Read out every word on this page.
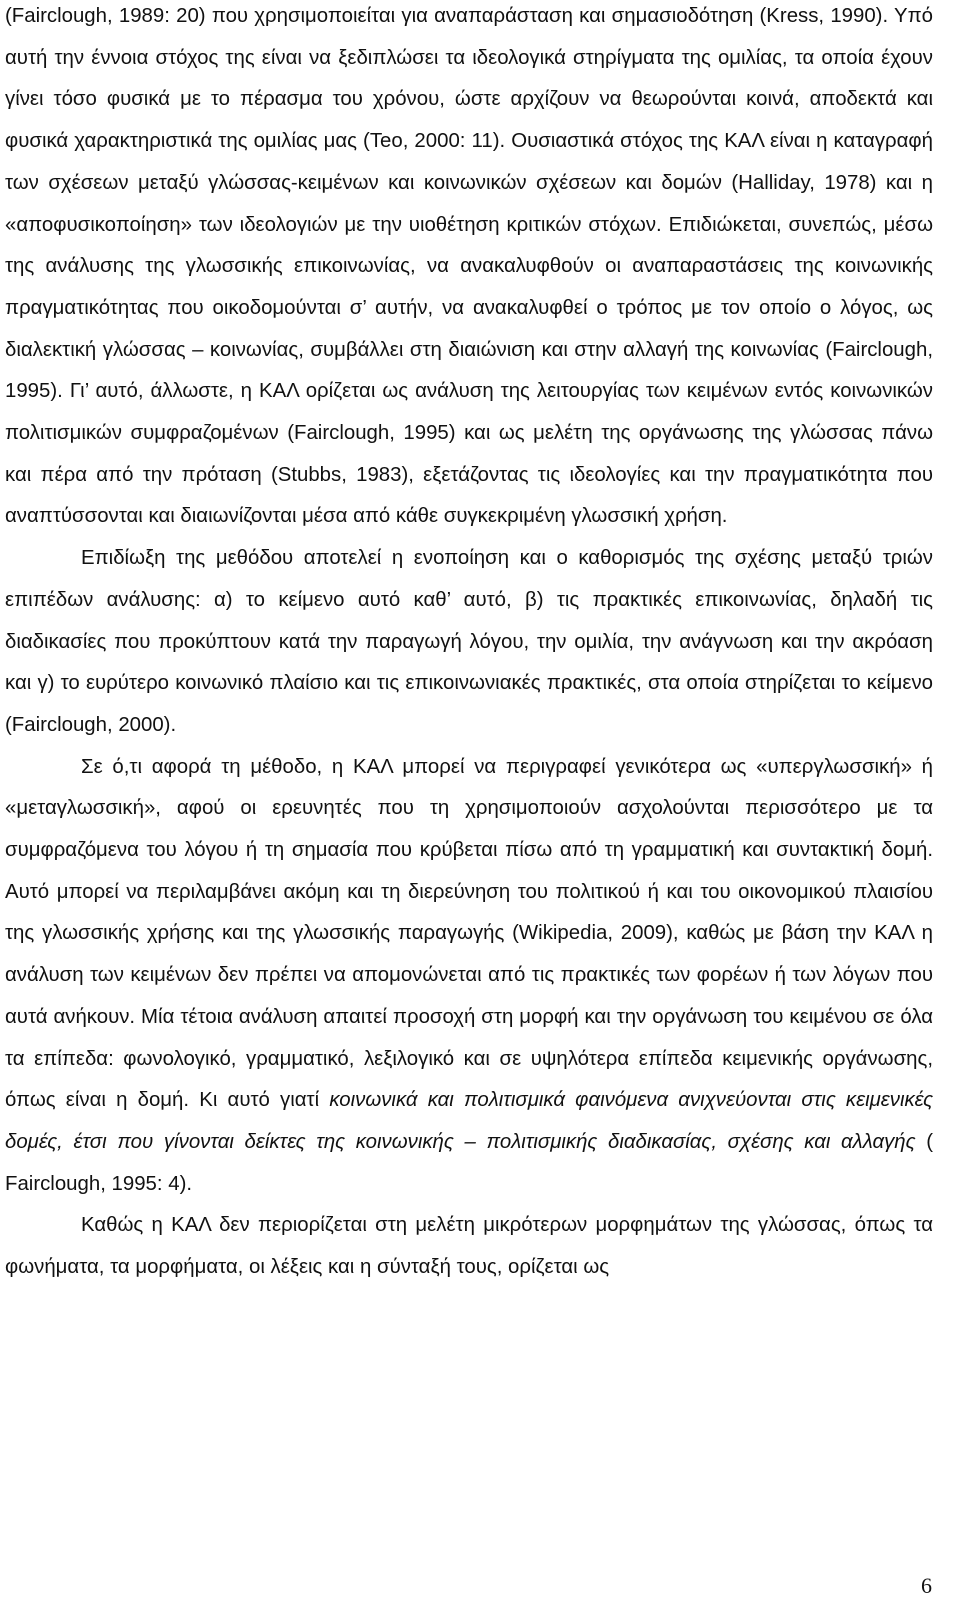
(Fairclough, 1989: 20) που χρησιμοποιείται για αναπαράσταση και σημασιοδότηση (Kress, 1990). Υπό αυτή την έννοια στόχος της είναι να ξεδιπλώσει τα ιδεολογικά στηρίγματα της ομιλίας, τα οποία έχουν γίνει τόσο φυσικά με το πέρασμα του χρόνου, ώστε αρχίζουν να θεωρούνται κοινά, αποδεκτά και φυσικά χαρακτηριστικά της ομιλίας μας (Teo, 2000: 11). Ουσιαστικά στόχος της ΚΑΛ είναι η καταγραφή των σχέσεων μεταξύ γλώσσας-κειμένων και κοινωνικών σχέσεων και δομών (Halliday, 1978) και η «αποφυσικοποίηση» των ιδεολογιών με την υιοθέτηση κριτικών στόχων. Επιδιώκεται, συνεπώς, μέσω της ανάλυσης της γλωσσικής επικοινωνίας, να ανακαλυφθούν οι αναπαραστάσεις της κοινωνικής πραγματικότητας που οικοδομούνται σ’ αυτήν, να ανακαλυφθεί ο τρόπος με τον οποίο ο λόγος, ως διαλεκτική γλώσσας – κοινωνίας, συμβάλλει στη διαιώνιση και στην αλλαγή της κοινωνίας (Fairclough, 1995). Γι’ αυτό, άλλωστε, η ΚΑΛ ορίζεται ως ανάλυση της λειτουργίας των κειμένων εντός κοινωνικών πολιτισμικών συμφραζομένων (Fairclough, 1995) και ως μελέτη της οργάνωσης της γλώσσας πάνω και πέρα από την πρόταση (Stubbs, 1983), εξετάζοντας τις ιδεολογίες και την πραγματικότητα που αναπτύσσονται και διαιωνίζονται μέσα από κάθε συγκεκριμένη γλωσσική χρήση.

Επιδίωξη της μεθόδου αποτελεί η ενοποίηση και ο καθορισμός της σχέσης μεταξύ τριών επιπέδων ανάλυσης: α) το κείμενο αυτό καθ’ αυτό, β) τις πρακτικές επικοινωνίας, δηλαδή τις διαδικασίες που προκύπτουν κατά την παραγωγή λόγου, την ομιλία, την ανάγνωση και την ακρόαση και γ) το ευρύτερο κοινωνικό πλαίσιο και τις επικοινωνιακές πρακτικές, στα οποία στηρίζεται το κείμενο (Fairclough, 2000).

Σε ό,τι αφορά τη μέθοδο, η ΚΑΛ μπορεί να περιγραφεί γενικότερα ως «υπεργλωσσική» ή «μεταγλωσσική», αφού οι ερευνητές που τη χρησιμοποιούν ασχολούνται περισσότερο με τα συμφραζόμενα του λόγου ή τη σημασία που κρύβεται πίσω από τη γραμματική και συντακτική δομή. Αυτό μπορεί να περιλαμβάνει ακόμη και τη διερεύνηση του πολιτικού ή και του οικονομικού πλαισίου της γλωσσικής χρήσης και της γλωσσικής παραγωγής (Wikipedia, 2009), καθώς με βάση την ΚΑΛ η ανάλυση των κειμένων δεν πρέπει να απομονώνεται από τις πρακτικές των φορέων ή των λόγων που αυτά ανήκουν. Μία τέτοια ανάλυση απαιτεί προσοχή στη μορφή και την οργάνωση του κειμένου σε όλα τα επίπεδα: φωνολογικό, γραμματικό, λεξιλογικό και σε υψηλότερα επίπεδα κειμενικής οργάνωσης, όπως είναι η δομή. Κι αυτό γιατί κοινωνικά και πολιτισμικά φαινόμενα ανιχνεύονται στις κειμενικές δομές, έτσι που γίνονται δείκτες της κοινωνικής – πολιτισμικής διαδικασίας, σχέσης και αλλαγής ( Fairclough, 1995: 4).

Καθώς η ΚΑΛ δεν περιορίζεται στη μελέτη μικρότερων μορφημάτων της γλώσσας, όπως τα φωνήματα, τα μορφήματα, οι λέξεις και η σύνταξή τους, ορίζεται ως

6
